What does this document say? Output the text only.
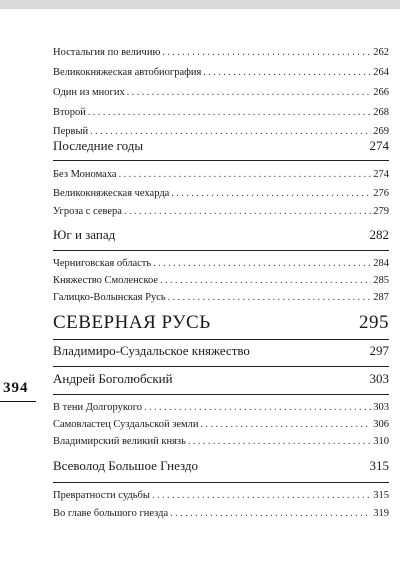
394
Ностальгия по величию . . .	262
Великокняжеская автобиография . . .	264
Один из многих . . .	266
Второй . . .	268
Первый . . .	269
Последние годы	274
Без Мономаха . . .	274
Великокняжеская чехарда . . .	276
Угроза с севера . . .	279
Юг и запад	282
Черниговская область . . .	284
Княжество Смоленское . . .	285
Галицко-Волынская Русь . . .	287
СЕВЕРНАЯ РУСЬ	295
Владимиро-Суздальское княжество	297
Андрей Боголюбский	303
В тени Долгорукого . . .	303
Самовластец Суздальской земли . . .	306
Владимирский великий князь . . .	310
Всеволод Большое Гнездо	315
Превратности судьбы . . .	315
Во главе большого гнезда . . .	319
